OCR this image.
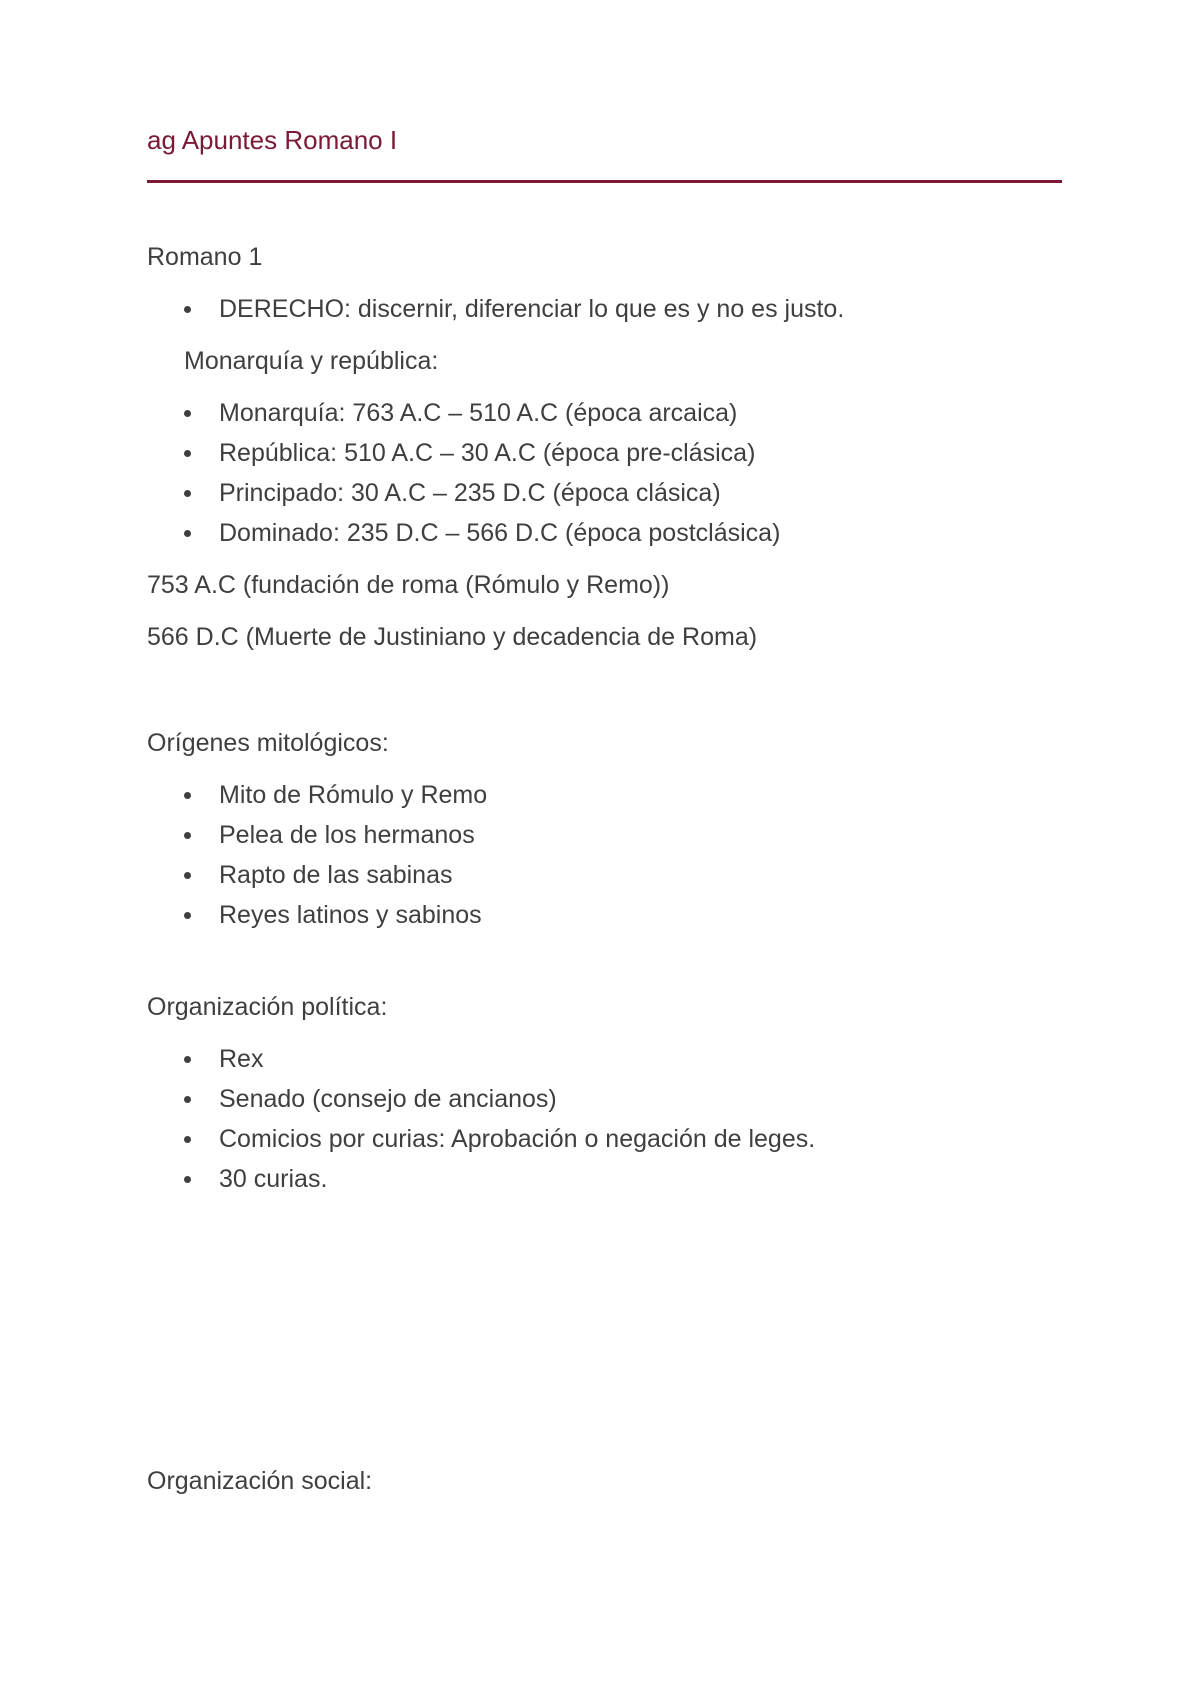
ag Apuntes Romano I
Romano 1
DERECHO: discernir, diferenciar lo que es y no es justo.
Monarquía y república:
Monarquía: 763 A.C – 510 A.C (época arcaica)
República: 510 A.C – 30 A.C (época pre-clásica)
Principado: 30 A.C – 235 D.C (época clásica)
Dominado: 235 D.C – 566 D.C (época postclásica)
753 A.C (fundación de roma (Rómulo y Remo))
566 D.C (Muerte de Justiniano y decadencia de Roma)
Orígenes mitológicos:
Mito de Rómulo y Remo
Pelea de los hermanos
Rapto de las sabinas
Reyes latinos y sabinos
Organización política:
Rex
Senado (consejo de ancianos)
Comicios por curias: Aprobación o negación de leges.
30 curias.
Organización social:
